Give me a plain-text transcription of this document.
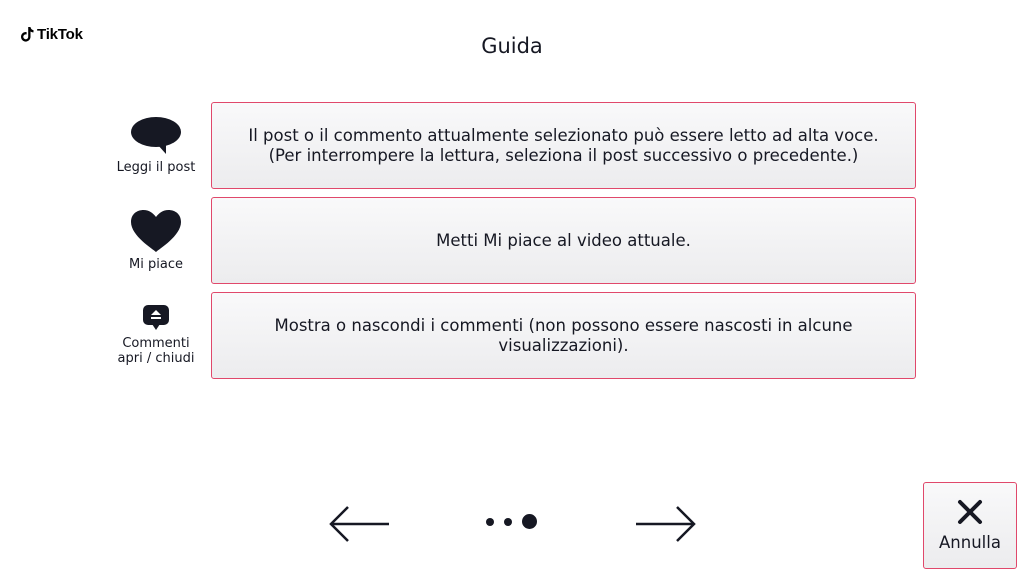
TikTok	Guida
Leggi il post
Il post o il commento attualmente selezionato può essere letto ad alta voce.
(Per interrompere la lettura, seleziona il post successivo o precedente.)
Mi piace
Metti Mi piace al video attuale.
Commenti
apri / chiudi
Mostra o nascondi i commenti (non possono essere nascosti in alcune visualizzazioni).
Annulla
